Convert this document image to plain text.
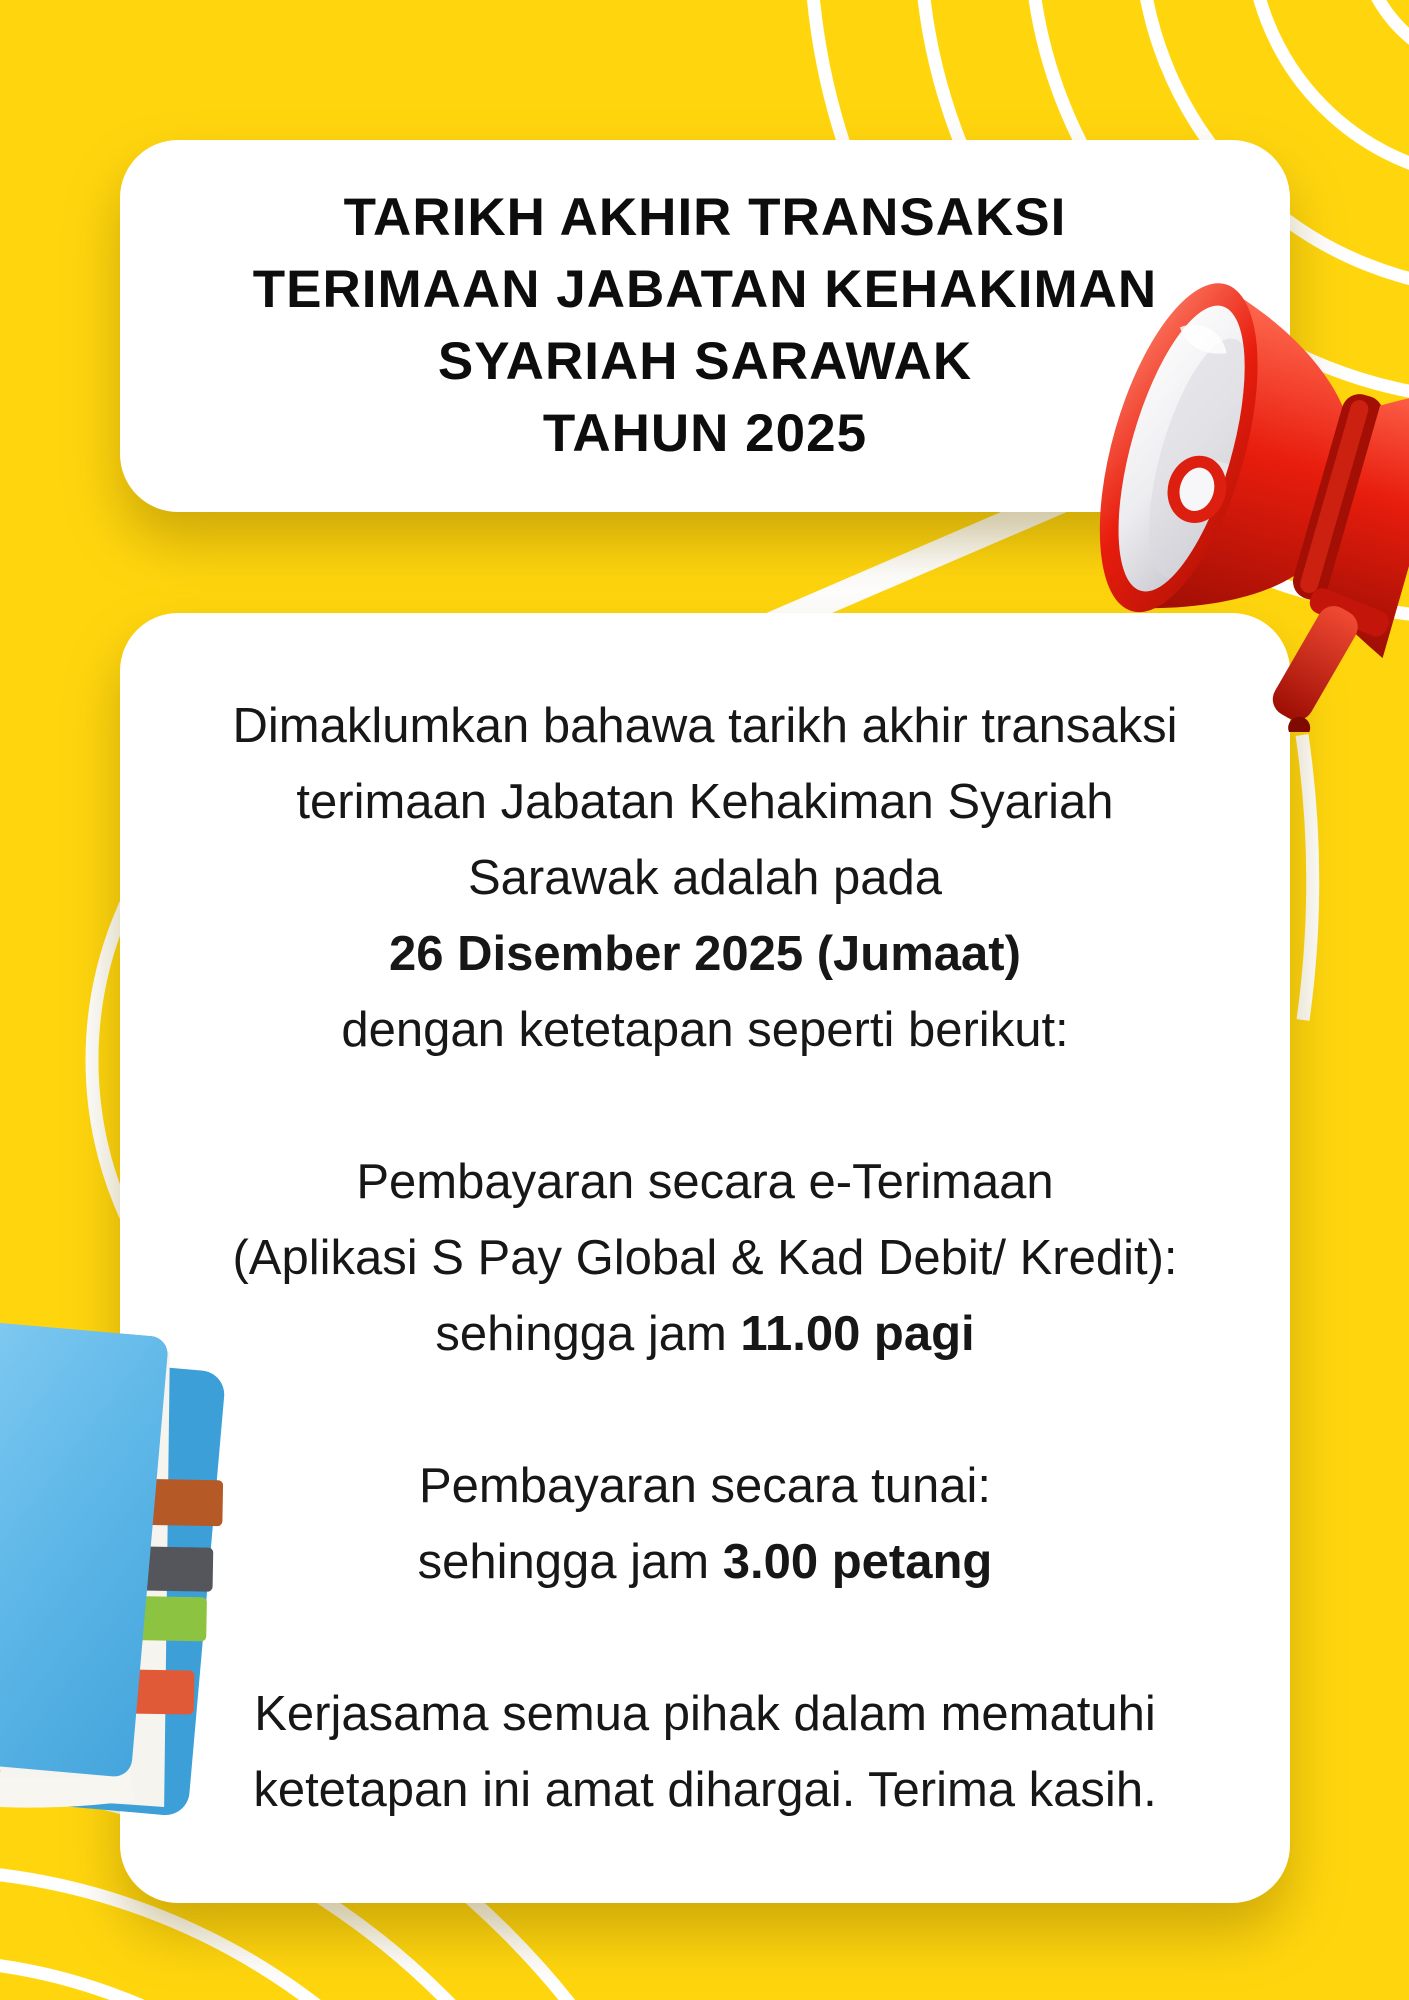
TARIKH AKHIR TRANSAKSI
TERIMAAN JABATAN KEHAKIMAN
SYARIAH SARAWAK
TAHUN 2025

Dimaklumkan bahawa tarikh akhir transaksi
terimaan Jabatan Kehakiman Syariah
Sarawak adalah pada
26 Disember 2025 (Jumaat)
dengan ketetapan seperti berikut:

Pembayaran secara e-Terimaan
(Aplikasi S Pay Global & Kad Debit/ Kredit):
sehingga jam 11.00 pagi

Pembayaran secara tunai:
sehingga jam 3.00 petang

Kerjasama semua pihak dalam mematuhi
ketetapan ini amat dihargai. Terima kasih.
